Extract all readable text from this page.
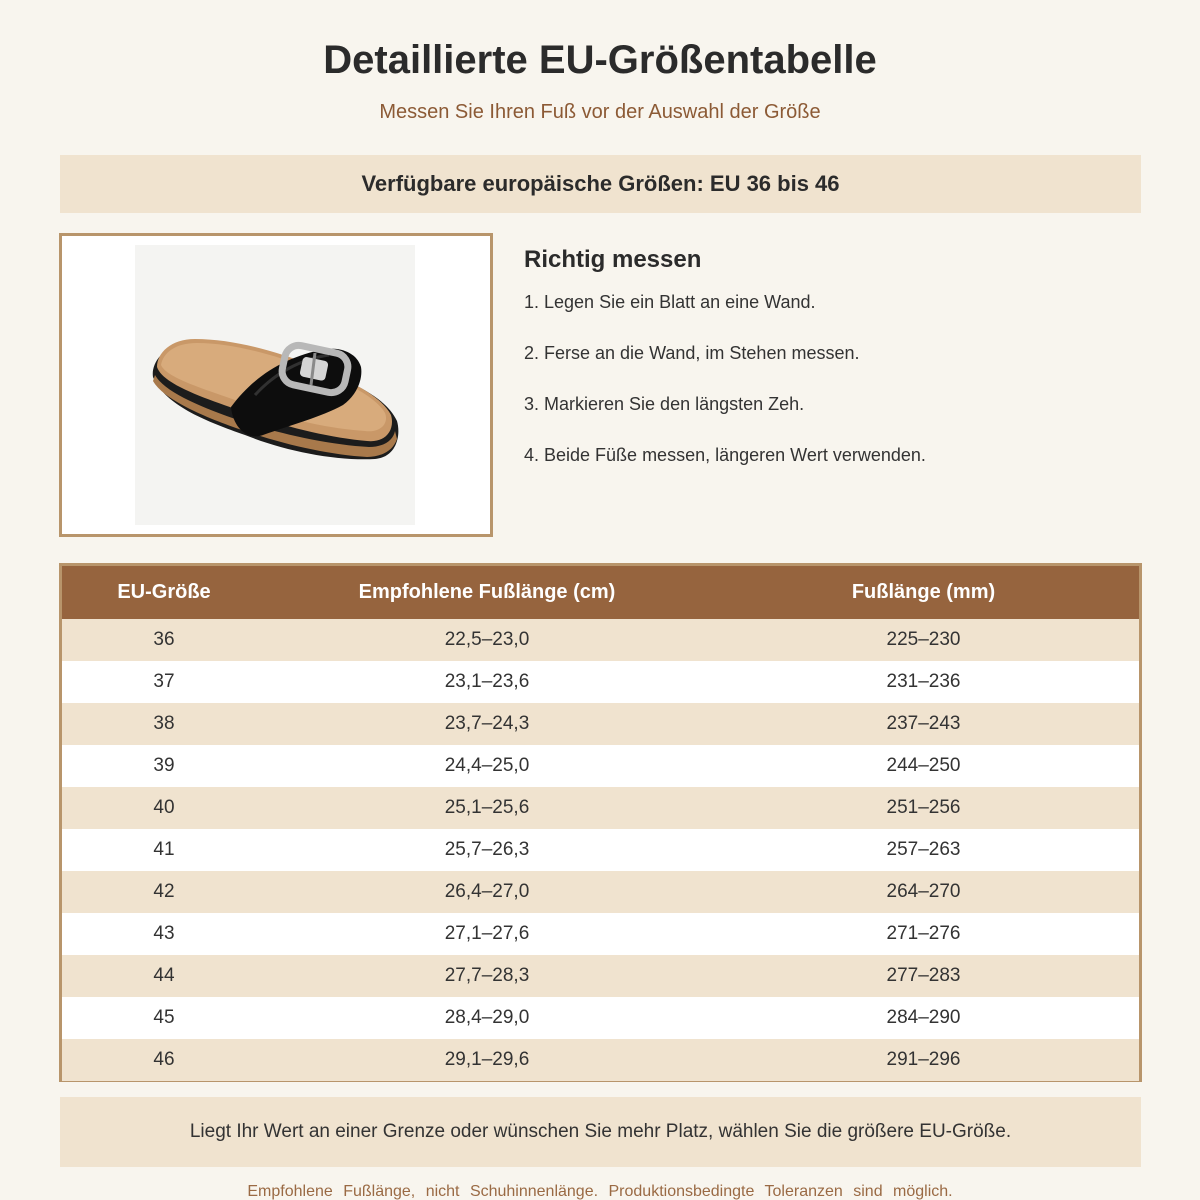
Detaillierte EU-Größentabelle
Messen Sie Ihren Fuß vor der Auswahl der Größe
Verfügbare europäische Größen: EU 36 bis 46
Richtig messen
1. Legen Sie ein Blatt an eine Wand.
2. Ferse an die Wand, im Stehen messen.
3. Markieren Sie den längsten Zeh.
4. Beide Füße messen, längeren Wert verwenden.
EU-Größe	Empfohlene Fußlänge (cm)	Fußlänge (mm)
36	22,5–23,0	225–230
37	23,1–23,6	231–236
38	23,7–24,3	237–243
39	24,4–25,0	244–250
40	25,1–25,6	251–256
41	25,7–26,3	257–263
42	26,4–27,0	264–270
43	27,1–27,6	271–276
44	27,7–28,3	277–283
45	28,4–29,0	284–290
46	29,1–29,6	291–296
Liegt Ihr Wert an einer Grenze oder wünschen Sie mehr Platz, wählen Sie die größere EU-Größe.
Empfohlene Fußlänge, nicht Schuhinnenlänge. Produktionsbedingte Toleranzen sind möglich.
